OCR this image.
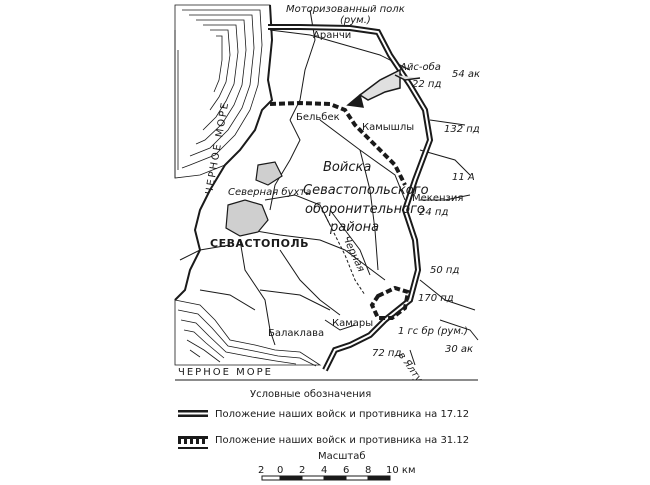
ЧЕРНОЕ МОРЕ
ЧЕРНОЕ МОРЕ
Северная бухта
СЕВАСТОПОЛЬ
Аранчи
Бельбек
Камышлы
Мекензия
Балаклава
Камары
Айс-оба
Черная
в Ялту
Войска
Севастопольского
оборонительного
района
Моторизованный полк
(рум.)
54 ак
22 пд
132 пд
11 А
24 пд
50 пд
170 пд
1 гс бр (рум.)
30 ак
72 пд
Условные обозначения
Положение наших войск и противника на 17.12
Положение наших войск и противника на 31.12
Масштаб
2 0 2 4 6 8 10 км
